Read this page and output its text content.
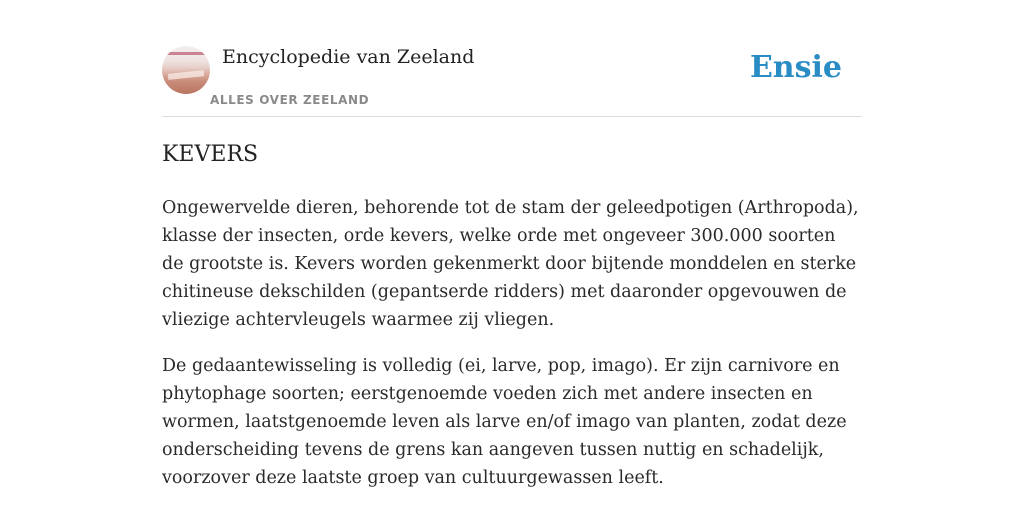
Encyclopedie van Zeeland
ALLES OVER ZEELAND
Ensie
KEVERS

Ongewervelde dieren, behorende tot de stam der geleedpotigen (Arthropoda), klasse der insecten, orde kevers, welke orde met ongeveer 300.000 soorten de grootste is. Kevers worden gekenmerkt door bijtende monddelen en sterke chitineuse dekschilden (gepantserde ridders) met daaronder opgevouwen de vliezige achtervleugels waarmee zij vliegen.

De gedaantewisseling is volledig (ei, larve, pop, imago). Er zijn carnivore en phytophage soorten; eerstgenoemde voeden zich met andere insecten en wormen, laatstgenoemde leven als larve en/of imago van planten, zodat deze onderscheiding tevens de grens kan aangeven tussen nuttig en schadelijk, voorzover deze laatste groep van cultuurgewassen leeft.
